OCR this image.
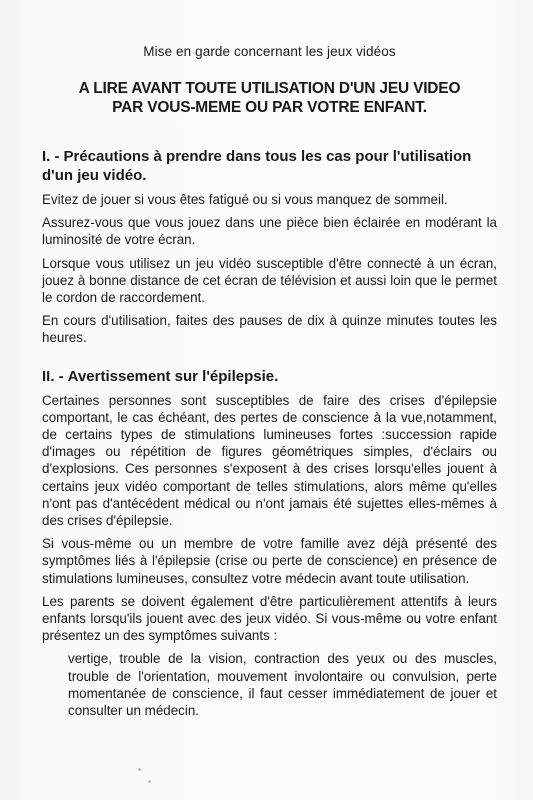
Mise en garde concernant les jeux vidéos
A LIRE AVANT TOUTE UTILISATION D'UN JEU VIDEO
PAR VOUS-MEME OU PAR VOTRE ENFANT.
I. - Précautions à prendre dans tous les cas pour l'utilisation d'un jeu vidéo.

Evitez de jouer si vous êtes fatigué ou si vous manquez de sommeil.

Assurez-vous que vous jouez dans une pièce bien éclairée en modérant la luminosité de votre écran.

Lorsque vous utilisez un jeu vidéo susceptible d'être connecté à un écran, jouez à bonne distance de cet écran de télévision et aussi loin que le permet le cordon de raccordement.

En cours d'utilisation, faites des pauses de dix à quinze minutes toutes les heures.

II. - Avertissement sur l'épilepsie.

Certaines personnes sont susceptibles de faire des crises d'épilepsie comportant, le cas échéant, des pertes de conscience à la vue,notamment, de certains types de stimulations lumineuses fortes :succession rapide d'images ou répétition de figures géométriques simples, d'éclairs ou d'explosions. Ces personnes s'exposent à des crises lorsqu'elles jouent à certains jeux vidéo comportant de telles stimulations, alors même qu'elles n'ont pas d'antécédent médical ou n'ont jamais été sujettes elles-mêmes à des crises d'épilepsie.

Si vous-même ou un membre de votre famille avez déjà présenté des symptômes liés à l'épilepsie (crise ou perte de conscience) en présence de stimulations lumineuses, consultez votre médecin avant toute utilisation.

Les parents se doivent également d'être particulièrement attentifs à leurs enfants lorsqu'ils jouent avec des jeux vidéo. Si vous-même ou votre enfant présentez un des symptômes suivants :

vertige, trouble de la vision, contraction des yeux ou des muscles, trouble de l'orientation, mouvement involontaire ou convulsion, perte momentanée de conscience, il faut cesser immédiatement de jouer et consulter un médecin.
